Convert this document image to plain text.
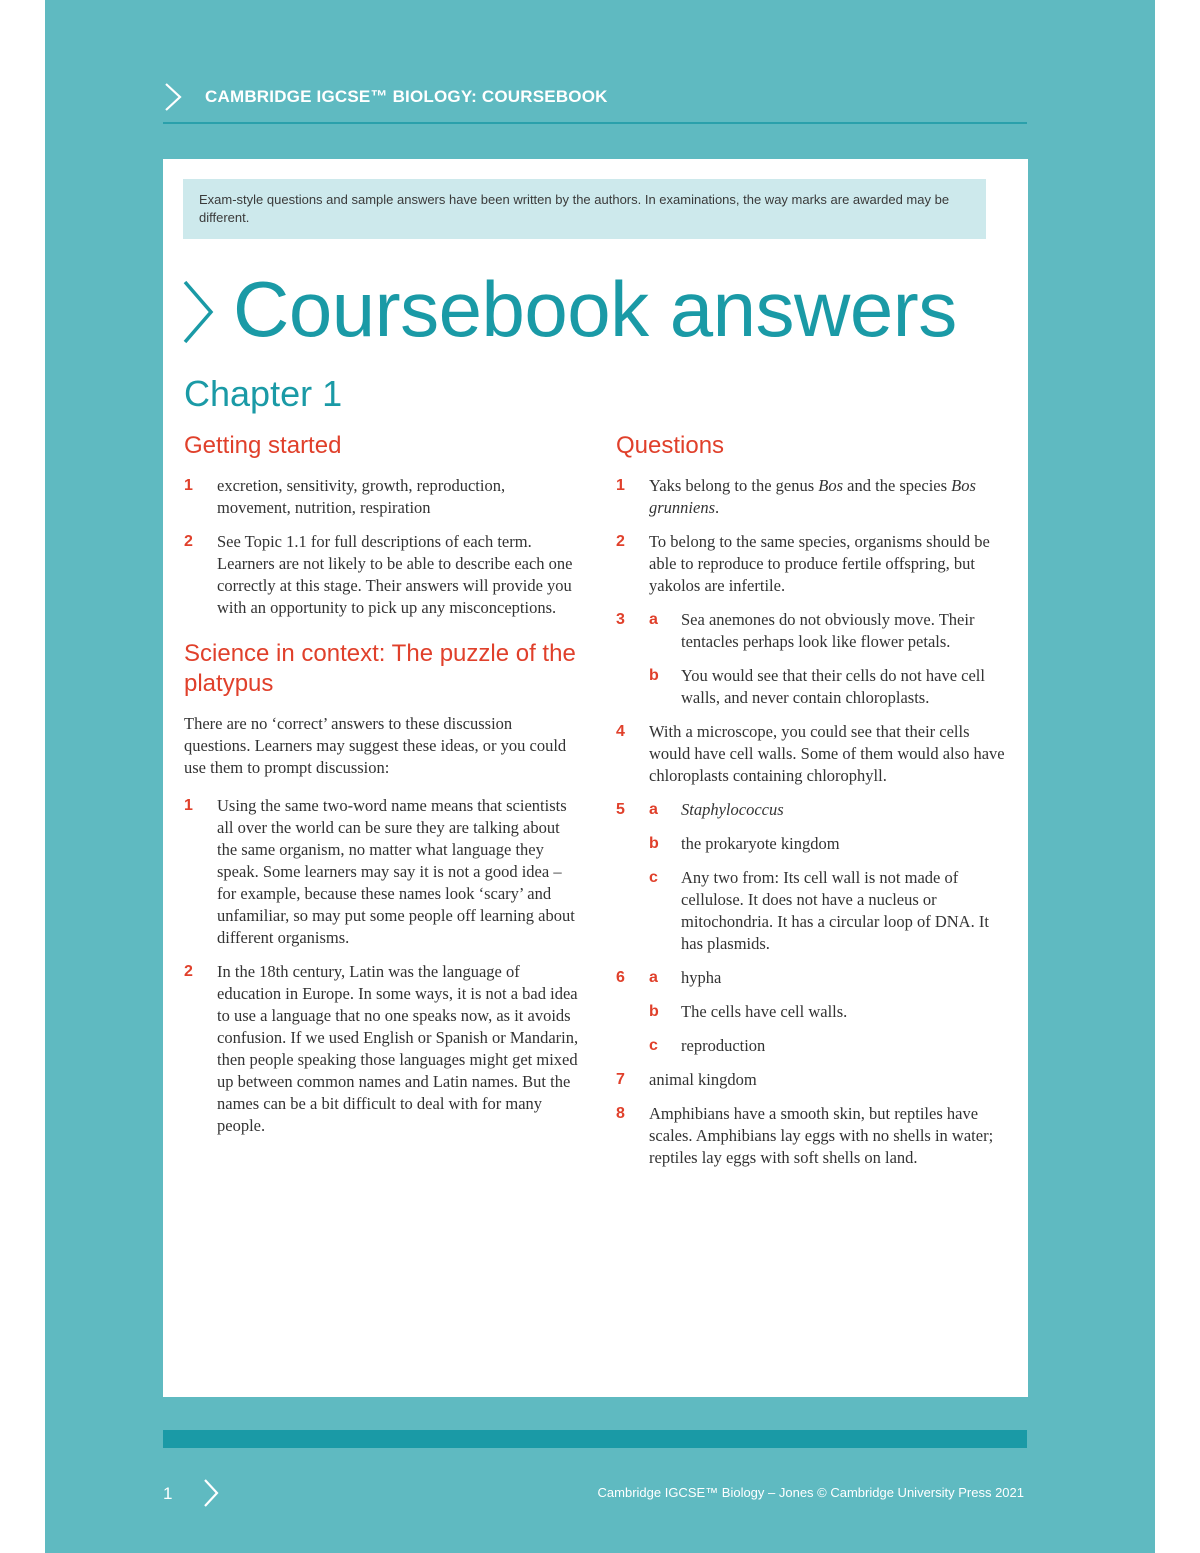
CAMBRIDGE IGCSE™ BIOLOGY: COURSEBOOK
Exam-style questions and sample answers have been written by the authors. In examinations, the way marks are awarded may be different.
Coursebook answers
Chapter 1
Getting started
1 excretion, sensitivity, growth, reproduction, movement, nutrition, respiration
2 See Topic 1.1 for full descriptions of each term. Learners are not likely to be able to describe each one correctly at this stage. Their answers will provide you with an opportunity to pick up any misconceptions.
Science in context: The puzzle of the platypus

There are no ‘correct’ answers to these discussion questions. Learners may suggest these ideas, or you could use them to prompt discussion:

1 Using the same two-word name means that scientists all over the world can be sure they are talking about the same organism, no matter what language they speak. Some learners may say it is not a good idea – for example, because these names look ‘scary’ and unfamiliar, so may put some people off learning about different organisms.
2 In the 18th century, Latin was the language of education in Europe. In some ways, it is not a bad idea to use a language that no one speaks now, as it avoids confusion. If we used English or Spanish or Mandarin, then people speaking those languages might get mixed up between common names and Latin names. But the names can be a bit difficult to deal with for many people.
Questions
1 Yaks belong to the genus Bos and the species Bos grunniens.
2 To belong to the same species, organisms should be able to reproduce to produce fertile offspring, but yakolos are infertile.
3 a Sea anemones do not obviously move. Their tentacles perhaps look like flower petals.
b You would see that their cells do not have cell walls, and never contain chloroplasts.
4 With a microscope, you could see that their cells would have cell walls. Some of them would also have chloroplasts containing chlorophyll.
5 a Staphylococcus
b the prokaryote kingdom
c Any two from: Its cell wall is not made of cellulose. It does not have a nucleus or mitochondria. It has a circular loop of DNA. It has plasmids.
6 a hypha
b The cells have cell walls.
c reproduction
7 animal kingdom
8 Amphibians have a smooth skin, but reptiles have scales. Amphibians lay eggs with no shells in water; reptiles lay eggs with soft shells on land.
1	Cambridge IGCSE™ Biology – Jones © Cambridge University Press 2021
